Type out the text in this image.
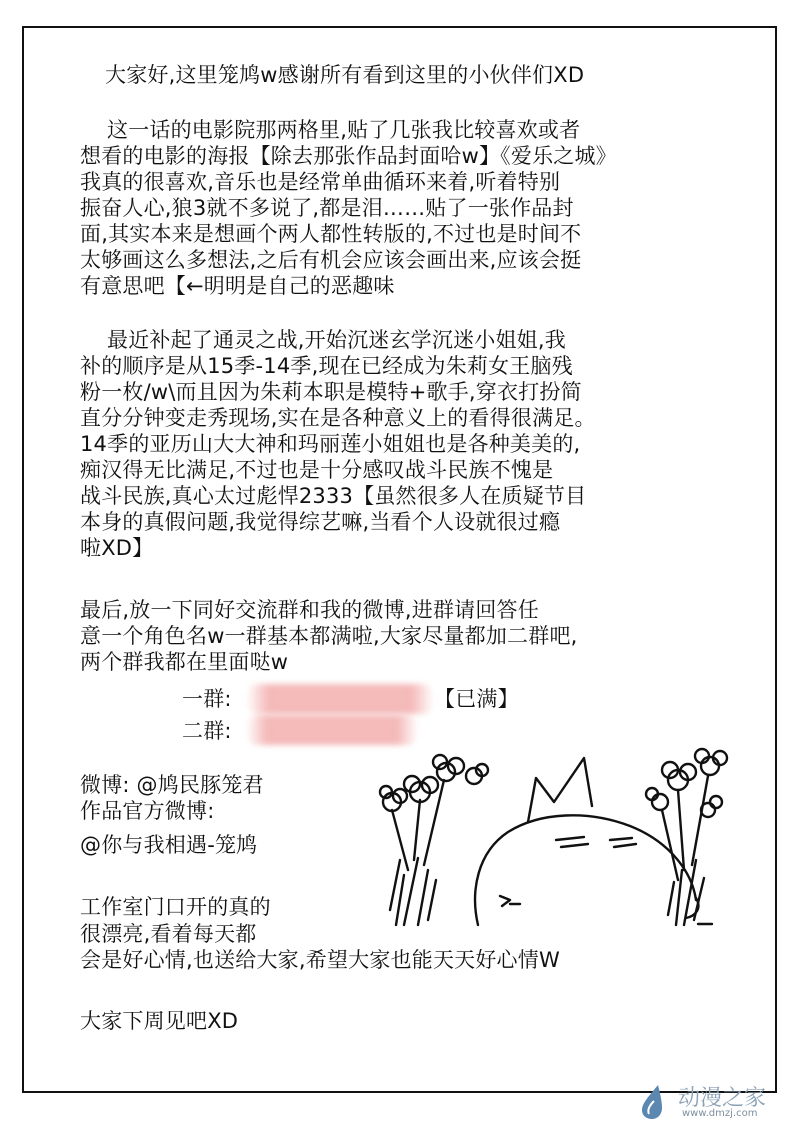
大家好,这里笼鸠w感谢所有看到这里的小伙伴们XD
这一话的电影院那两格里,贴了几张我比较喜欢或者
想看的电影的海报【除去那张作品封面哈w】《爱乐之城》
我真的很喜欢,音乐也是经常单曲循环来着,听着特别
振奋人心,狼3就不多说了,都是泪……贴了一张作品封
面,其实本来是想画个两人都性转版的,不过也是时间不
太够画这么多想法,之后有机会应该会画出来,应该会挺
有意思吧【←明明是自己的恶趣味
最近补起了通灵之战,开始沉迷玄学沉迷小姐姐,我
补的顺序是从15季-14季,现在已经成为朱莉女王脑残
粉一枚/w\而且因为朱莉本职是模特+歌手,穿衣打扮简
直分分钟变走秀现场,实在是各种意义上的看得很满足。
14季的亚历山大大神和玛丽莲小姐姐也是各种美美的,
痴汉得无比满足,不过也是十分感叹战斗民族不愧是
战斗民族,真心太过彪悍2333【虽然很多人在质疑节目
本身的真假问题,我觉得综艺嘛,当看个人设就很过瘾
啦XD】
最后,放一下同好交流群和我的微博,进群请回答任
意一个角色名w一群基本都满啦,大家尽量都加二群吧,
两个群我都在里面哒w
一群:	【已满】
二群:
微博: @鸠民豚笼君
作品官方微博:
@你与我相遇-笼鸠
工作室门口开的真的
很漂亮,看着每天都
会是好心情,也送给大家,希望大家也能天天好心情W
大家下周见吧XD
动漫之家
www.dmzj.com
